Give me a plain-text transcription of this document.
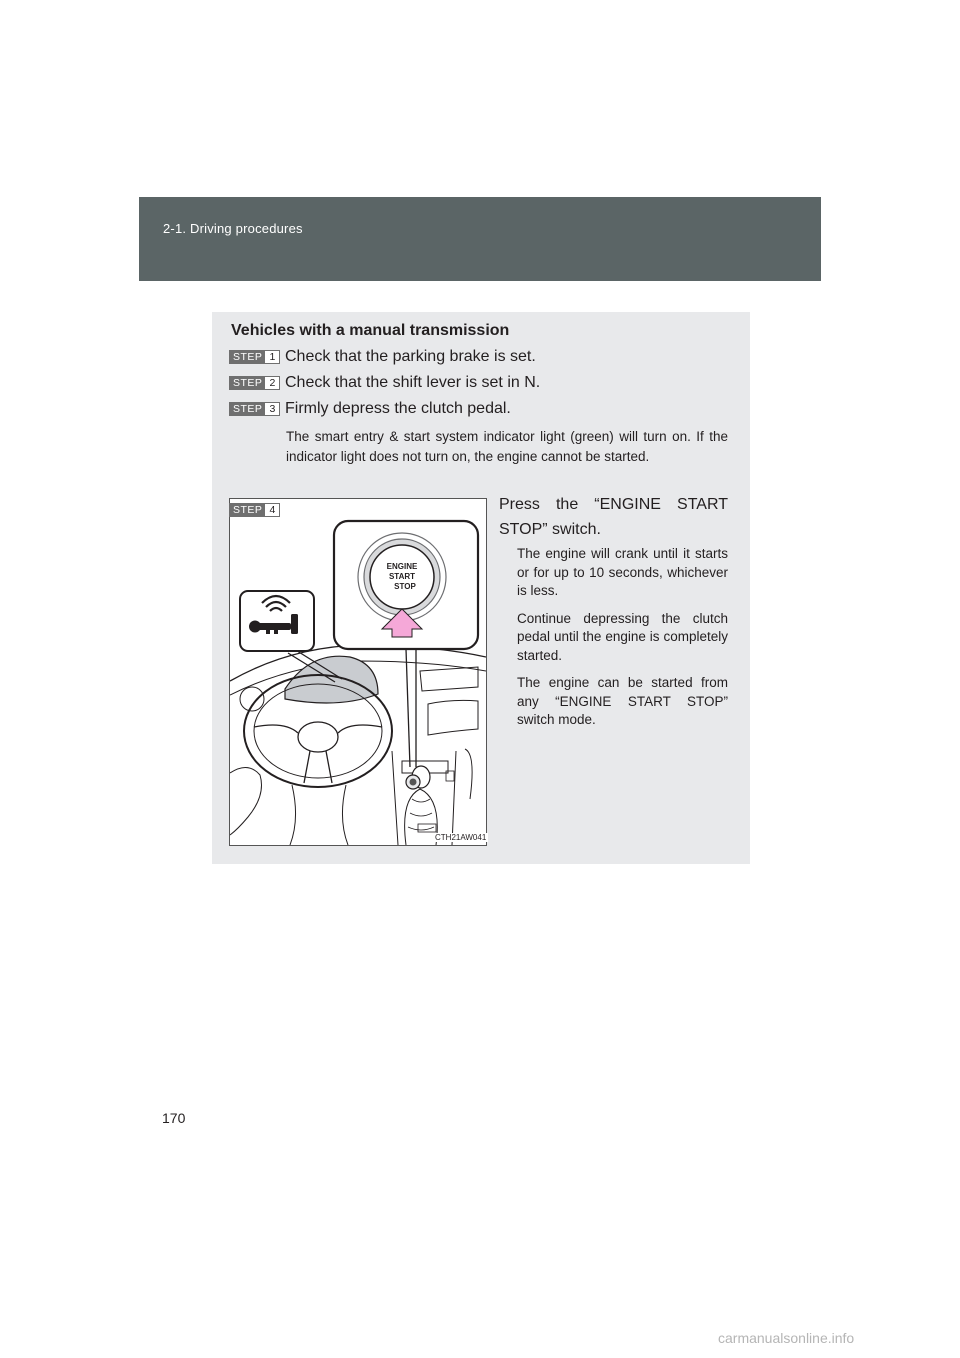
2-1. Driving procedures
Vehicles with a manual transmission
STEP 1 Check that the parking brake is set.
STEP 2 Check that the shift lever is set in N.
STEP 3 Firmly depress the clutch pedal.
The smart entry & start system indicator light (green) will turn on. If the indicator light does not turn on, the engine cannot be started.
ENGINE
START
STOP
CTH21AW041
STEP 4	Press the “ENGINE START STOP” switch.

The engine will crank until it starts or for up to 10 seconds, whichever is less.

Continue depressing the clutch pedal until the engine is completely started.

The engine can be started from any “ENGINE START STOP” switch mode.

170
carmanualsonline.info
